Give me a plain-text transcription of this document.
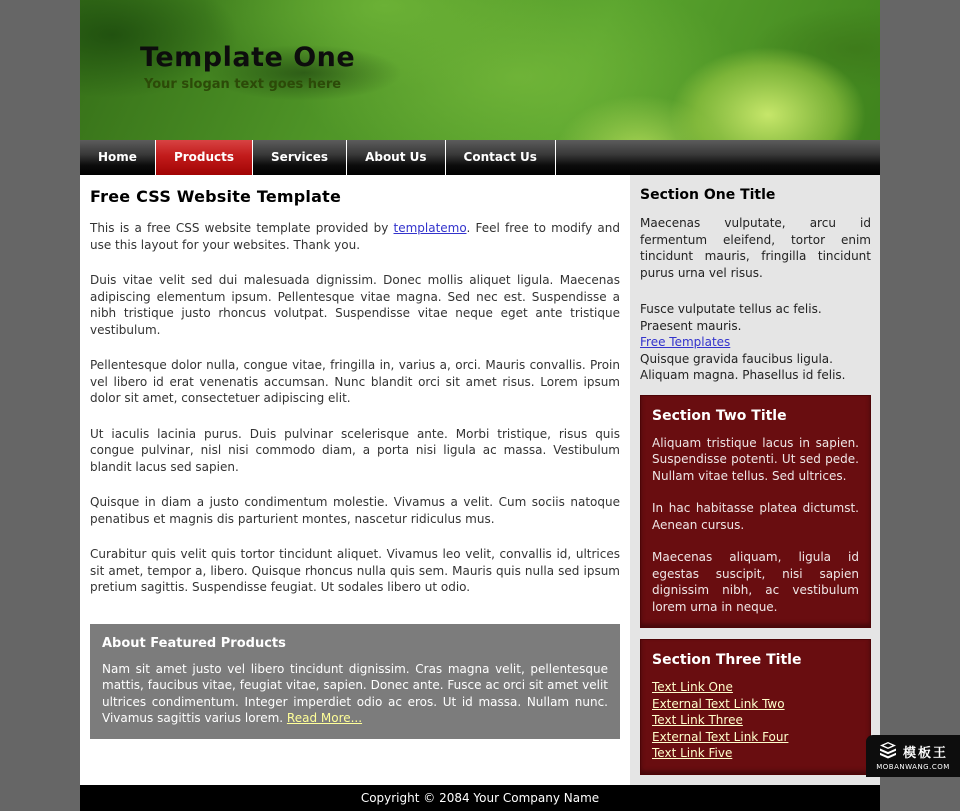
Template One
Your slogan text goes here
Home	Products	Services	About Us	Contact Us
Free CSS Website Template

This is a free CSS website template provided by templatemo. Feel free to modify and use this layout for your websites. Thank you.

Duis vitae velit sed dui malesuada dignissim. Donec mollis aliquet ligula. Maecenas adipiscing elementum ipsum. Pellentesque vitae magna. Sed nec est. Suspendisse a nibh tristique justo rhoncus volutpat. Suspendisse vitae neque eget ante tristique vestibulum.

Pellentesque dolor nulla, congue vitae, fringilla in, varius a, orci. Mauris convallis. Proin vel libero id erat venenatis accumsan. Nunc blandit orci sit amet risus. Lorem ipsum dolor sit amet, consectetuer adipiscing elit.

Ut iaculis lacinia purus. Duis pulvinar scelerisque ante. Morbi tristique, risus quis congue pulvinar, nisl nisi commodo diam, a porta nisi ligula ac massa. Vestibulum blandit lacus sed sapien.

Quisque in diam a justo condimentum molestie. Vivamus a velit. Cum sociis natoque penatibus et magnis dis parturient montes, nascetur ridiculus mus.

Curabitur quis velit quis tortor tincidunt aliquet. Vivamus leo velit, convallis id, ultrices sit amet, tempor a, libero. Quisque rhoncus nulla quis sem. Mauris quis nulla sed ipsum pretium sagittis. Suspendisse feugiat. Ut sodales libero ut odio.

About Featured Products

Nam sit amet justo vel libero tincidunt dignissim. Cras magna velit, pellentesque mattis, faucibus vitae, feugiat vitae, sapien. Donec ante. Fusce ac orci sit amet velit ultrices condimentum. Integer imperdiet odio ac eros. Ut id massa. Nullam nunc. Vivamus sagittis varius lorem. Read More...

Section One Title

Maecenas vulputate, arcu id fermentum eleifend, tortor enim tincidunt mauris, fringilla tincidunt purus urna vel risus.

Fusce vulputate tellus ac felis.
Praesent mauris.
Free Templates
Quisque gravida faucibus ligula.
Aliquam magna. Phasellus id felis.
Section Two Title

Aliquam tristique lacus in sapien. Suspendisse potenti. Ut sed pede. Nullam vitae tellus. Sed ultrices.

In hac habitasse platea dictumst. Aenean cursus.

Maecenas aliquam, ligula id egestas suscipit, nisi sapien dignissim nibh, ac vestibulum lorem urna in neque.

Section Three Title
Text Link One
External Text Link Two
Text Link Three
External Text Link Four
Text Link Five
Copyright © 2084 Your Company Name
模板王
MOBANWANG.COM
